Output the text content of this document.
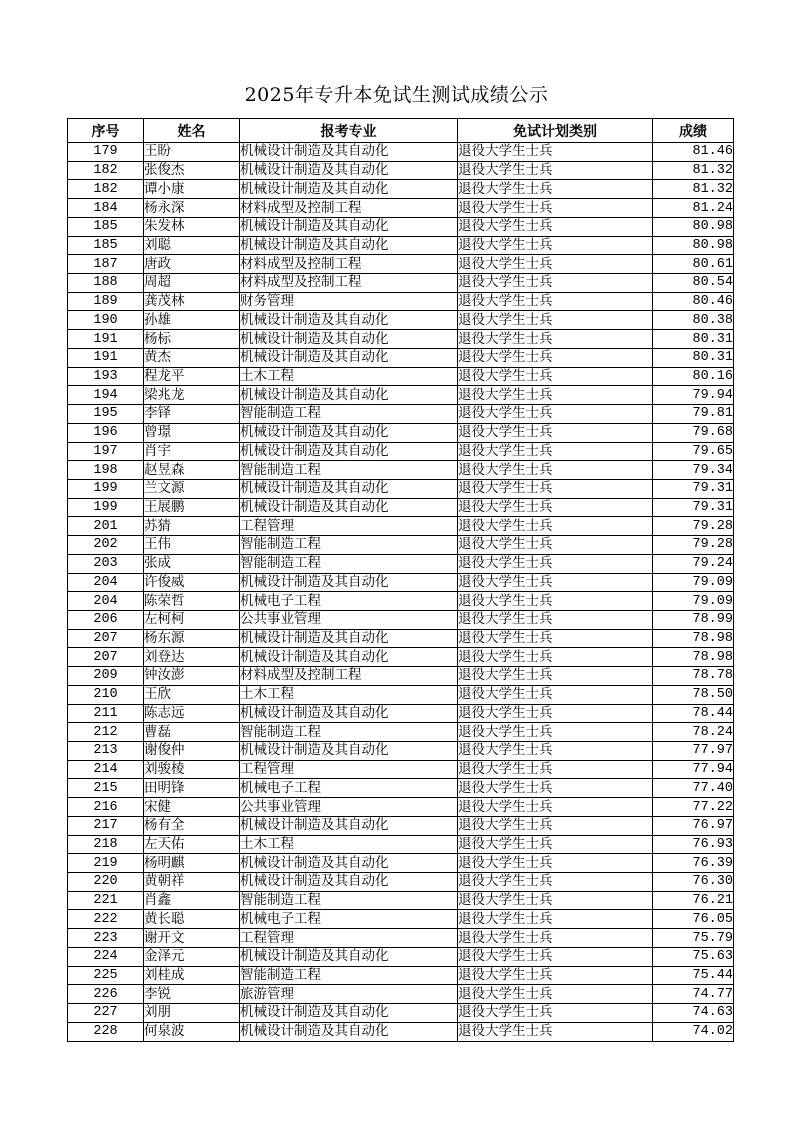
2025年专升本免试生测试成绩公示
序号	姓名	报考专业	免试计划类别	成绩
179	王盼	机械设计制造及其自动化	退役大学生士兵	81.46
182	张俊杰	机械设计制造及其自动化	退役大学生士兵	81.32
182	谭小康	机械设计制造及其自动化	退役大学生士兵	81.32
184	杨永深	材料成型及控制工程	退役大学生士兵	81.24
185	朱发林	机械设计制造及其自动化	退役大学生士兵	80.98
185	刘聪	机械设计制造及其自动化	退役大学生士兵	80.98
187	唐政	材料成型及控制工程	退役大学生士兵	80.61
188	周超	材料成型及控制工程	退役大学生士兵	80.54
189	龚茂林	财务管理	退役大学生士兵	80.46
190	孙雄	机械设计制造及其自动化	退役大学生士兵	80.38
191	杨标	机械设计制造及其自动化	退役大学生士兵	80.31
191	黄杰	机械设计制造及其自动化	退役大学生士兵	80.31
193	程龙平	土木工程	退役大学生士兵	80.16
194	梁兆龙	机械设计制造及其自动化	退役大学生士兵	79.94
195	李铎	智能制造工程	退役大学生士兵	79.81
196	曾璟	机械设计制造及其自动化	退役大学生士兵	79.68
197	肖宇	机械设计制造及其自动化	退役大学生士兵	79.65
198	赵昱森	智能制造工程	退役大学生士兵	79.34
199	兰文源	机械设计制造及其自动化	退役大学生士兵	79.31
199	王展鹏	机械设计制造及其自动化	退役大学生士兵	79.31
201	苏猜	工程管理	退役大学生士兵	79.28
202	王伟	智能制造工程	退役大学生士兵	79.28
203	张成	智能制造工程	退役大学生士兵	79.24
204	许俊威	机械设计制造及其自动化	退役大学生士兵	79.09
204	陈荣哲	机械电子工程	退役大学生士兵	79.09
206	左柯柯	公共事业管理	退役大学生士兵	78.99
207	杨东源	机械设计制造及其自动化	退役大学生士兵	78.98
207	刘登达	机械设计制造及其自动化	退役大学生士兵	78.98
209	钟汝澎	材料成型及控制工程	退役大学生士兵	78.78
210	王欣	土木工程	退役大学生士兵	78.50
211	陈志远	机械设计制造及其自动化	退役大学生士兵	78.44
212	曹磊	智能制造工程	退役大学生士兵	78.24
213	谢俊仲	机械设计制造及其自动化	退役大学生士兵	77.97
214	刘骏棱	工程管理	退役大学生士兵	77.94
215	田明锋	机械电子工程	退役大学生士兵	77.40
216	宋健	公共事业管理	退役大学生士兵	77.22
217	杨有全	机械设计制造及其自动化	退役大学生士兵	76.97
218	左天佑	土木工程	退役大学生士兵	76.93
219	杨明麒	机械设计制造及其自动化	退役大学生士兵	76.39
220	黄朝祥	机械设计制造及其自动化	退役大学生士兵	76.30
221	肖鑫	智能制造工程	退役大学生士兵	76.21
222	黄长聪	机械电子工程	退役大学生士兵	76.05
223	谢开文	工程管理	退役大学生士兵	75.79
224	金泽元	机械设计制造及其自动化	退役大学生士兵	75.63
225	刘桂成	智能制造工程	退役大学生士兵	75.44
226	李锐	旅游管理	退役大学生士兵	74.77
227	刘朋	机械设计制造及其自动化	退役大学生士兵	74.63
228	何泉波	机械设计制造及其自动化	退役大学生士兵	74.02
